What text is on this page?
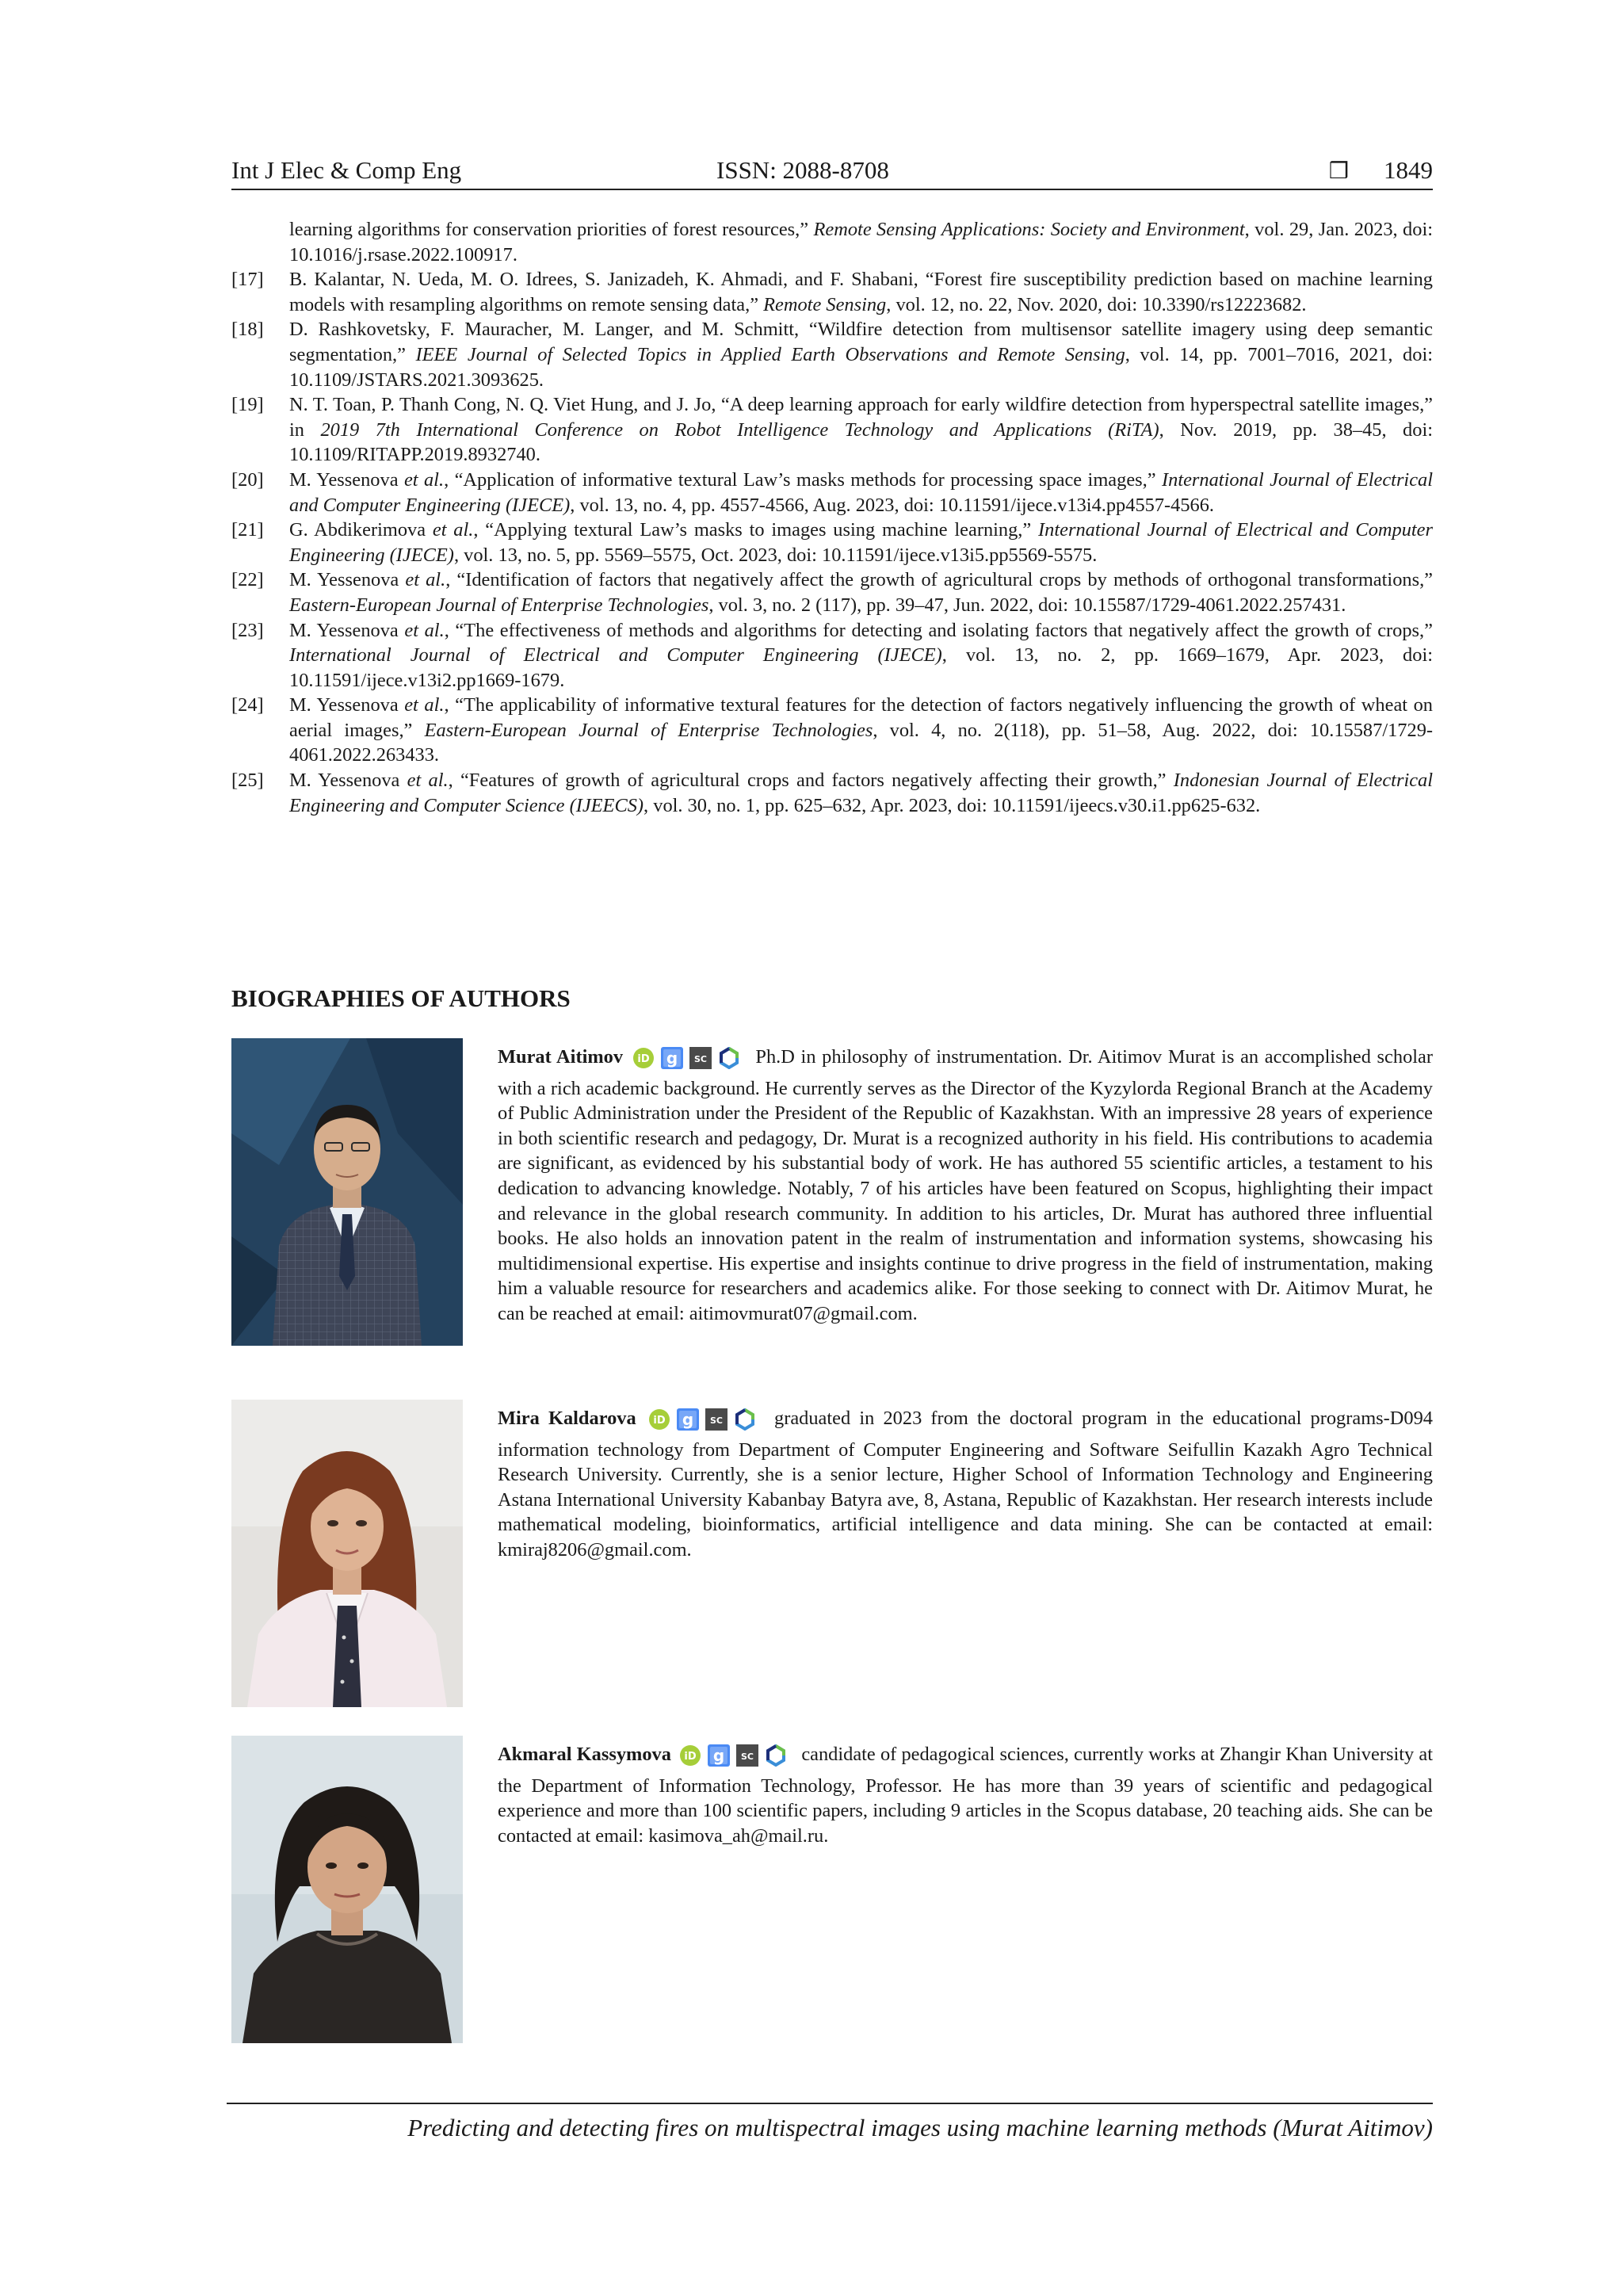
Int J Elec & Comp Eng	ISSN: 2088-8708	❒ 1849
learning algorithms for conservation priorities of forest resources,” Remote Sensing Applications: Society and Environment, vol. 29, Jan. 2023, doi: 10.1016/j.rsase.2022.100917.
[17] B. Kalantar, N. Ueda, M. O. Idrees, S. Janizadeh, K. Ahmadi, and F. Shabani, “Forest fire susceptibility prediction based on machine learning models with resampling algorithms on remote sensing data,” Remote Sensing, vol. 12, no. 22, Nov. 2020, doi: 10.3390/rs12223682.
[18] D. Rashkovetsky, F. Mauracher, M. Langer, and M. Schmitt, “Wildfire detection from multisensor satellite imagery using deep semantic segmentation,” IEEE Journal of Selected Topics in Applied Earth Observations and Remote Sensing, vol. 14, pp. 7001–7016, 2021, doi: 10.1109/JSTARS.2021.3093625.
[19] N. T. Toan, P. Thanh Cong, N. Q. Viet Hung, and J. Jo, “A deep learning approach for early wildfire detection from hyperspectral satellite images,” in 2019 7th International Conference on Robot Intelligence Technology and Applications (RiTA), Nov. 2019, pp. 38–45, doi: 10.1109/RITAPP.2019.8932740.
[20] M. Yessenova et al., “Application of informative textural Law’s masks methods for processing space images,” International Journal of Electrical and Computer Engineering (IJECE), vol. 13, no. 4, pp. 4557-4566, Aug. 2023, doi: 10.11591/ijece.v13i4.pp4557-4566.
[21] G. Abdikerimova et al., “Applying textural Law’s masks to images using machine learning,” International Journal of Electrical and Computer Engineering (IJECE), vol. 13, no. 5, pp. 5569–5575, Oct. 2023, doi: 10.11591/ijece.v13i5.pp5569-5575.
[22] M. Yessenova et al., “Identification of factors that negatively affect the growth of agricultural crops by methods of orthogonal transformations,” Eastern-European Journal of Enterprise Technologies, vol. 3, no. 2 (117), pp. 39–47, Jun. 2022, doi: 10.15587/1729-4061.2022.257431.
[23] M. Yessenova et al., “The effectiveness of methods and algorithms for detecting and isolating factors that negatively affect the growth of crops,” International Journal of Electrical and Computer Engineering (IJECE), vol. 13, no. 2, pp. 1669–1679, Apr. 2023, doi: 10.11591/ijece.v13i2.pp1669-1679.
[24] M. Yessenova et al., “The applicability of informative textural features for the detection of factors negatively influencing the growth of wheat on aerial images,” Eastern-European Journal of Enterprise Technologies, vol. 4, no. 2(118), pp. 51–58, Aug. 2022, doi: 10.15587/1729-4061.2022.263433.
[25] M. Yessenova et al., “Features of growth of agricultural crops and factors negatively affecting their growth,” Indonesian Journal of Electrical Engineering and Computer Science (IJEECS), vol. 30, no. 1, pp. 625–632, Apr. 2023, doi: 10.11591/ijeecs.v30.i1.pp625-632.
BIOGRAPHIES OF AUTHORS
Murat Aitimov iD g SC	Ph.D in philosophy of instrumentation. Dr. Aitimov Murat is an accomplished scholar with a rich academic background. He currently serves as the Director of the Kyzylorda Regional Branch at the Academy of Public Administration under the President of the Republic of Kazakhstan. With an impressive 28 years of experience in both scientific research and pedagogy, Dr. Murat is a recognized authority in his field. His contributions to academia are significant, as evidenced by his substantial body of work. He has authored 55 scientific articles, a testament to his dedication to advancing knowledge. Notably, 7 of his articles have been featured on Scopus, highlighting their impact and relevance in the global research community. In addition to his articles, Dr. Murat has authored three influential books. He also holds an innovation patent in the realm of instrumentation and information systems, showcasing his multidimensional expertise. His expertise and insights continue to drive progress in the field of instrumentation, making him a valuable resource for researchers and academics alike. For those seeking to connect with Dr. Aitimov Murat, he can be reached at email: aitimovmurat07@gmail.com.
Mira Kaldarova iD g SC	graduated in 2023 from the doctoral program in the educational programs-D094 information technology from Department of Computer Engineering and Software Seifullin Kazakh Agro Technical Research University. Currently, she is a senior lecture, Higher School of Information Technology and Engineering Astana International University Kabanbay Batyra ave, 8, Astana, Republic of Kazakhstan. Her research interests include mathematical modeling, bioinformatics, artificial intelligence and data mining. She can be contacted at email: kmiraj8206@gmail.com.
Akmaral Kassymova iD g SC candidate of pedagogical sciences, currently works at Zhangir Khan University at the Department of Information Technology, Professor. He has more than 39 years of scientific and pedagogical experience and more than 100 scientific papers, including 9 articles in the Scopus database, 20 teaching aids. She can be contacted at email: kasimova_ah@mail.ru.
Predicting and detecting fires on multispectral images using machine learning methods (Murat Aitimov)
